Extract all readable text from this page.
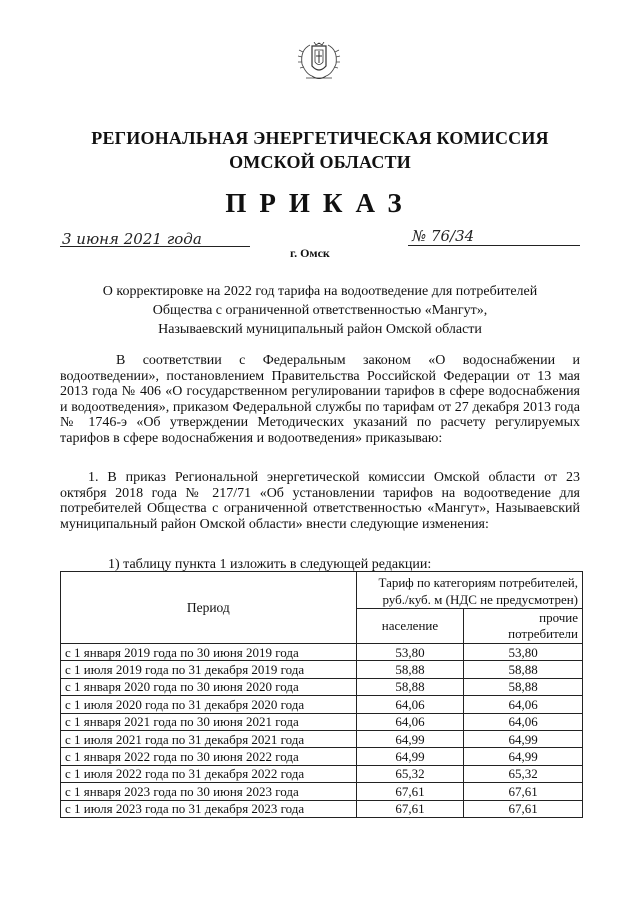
РЕГИОНАЛЬНАЯ ЭНЕРГЕТИЧЕСКАЯ КОМИССИЯ
ОМСКОЙ ОБЛАСТИ
ПРИКАЗ
3 июня 2021 года	№ 76/34
г. Омск
О корректировке на 2022 год тарифа на водоотведение для потребителей
Общества с ограниченной ответственностью «Мангут»,
Называевский муниципальный район Омской области
В соответствии с Федеральным законом «О водоснабжении и водоотведении», постановлением Правительства Российской Федерации от 13 мая 2013 года № 406 «О государственном регулировании тарифов в сфере водоснабжения и водоотведения», приказом Федеральной службы по тарифам от 27 декабря 2013 года № 1746-э «Об утверждении Методических указаний по расчету регулируемых тарифов в сфере водоснабжения и водоотведения» приказываю:
1. В приказ Региональной энергетической комиссии Омской области от 23 октября 2018 года № 217/71 «Об установлении тарифов на водоотведение для потребителей Общества с ограниченной ответственностью «Мангут», Называевский муниципальный район Омской области» внести следующие изменения:
1) таблицу пункта 1 изложить в следующей редакции:
Период	Тариф по категориям потребителей, руб./куб. м (НДС не предусмотрен)	
	население	прочие потребители
с 1 января 2019 года по 30 июня 2019 года	53,80	53,80
с 1 июля 2019 года по 31 декабря 2019 года	58,88	58,88
с 1 января 2020 года по 30 июня 2020 года	58,88	58,88
с 1 июля 2020 года по 31 декабря 2020 года	64,06	64,06
с 1 января 2021 года по 30 июня 2021 года	64,06	64,06
с 1 июля 2021 года по 31 декабря 2021 года	64,99	64,99
с 1 января 2022 года по 30 июня 2022 года	64,99	64,99
с 1 июля 2022 года по 31 декабря 2022 года	65,32	65,32
с 1 января 2023 года по 30 июня 2023 года	67,61	67,61
с 1 июля 2023 года по 31 декабря 2023 года	67,61	67,61
